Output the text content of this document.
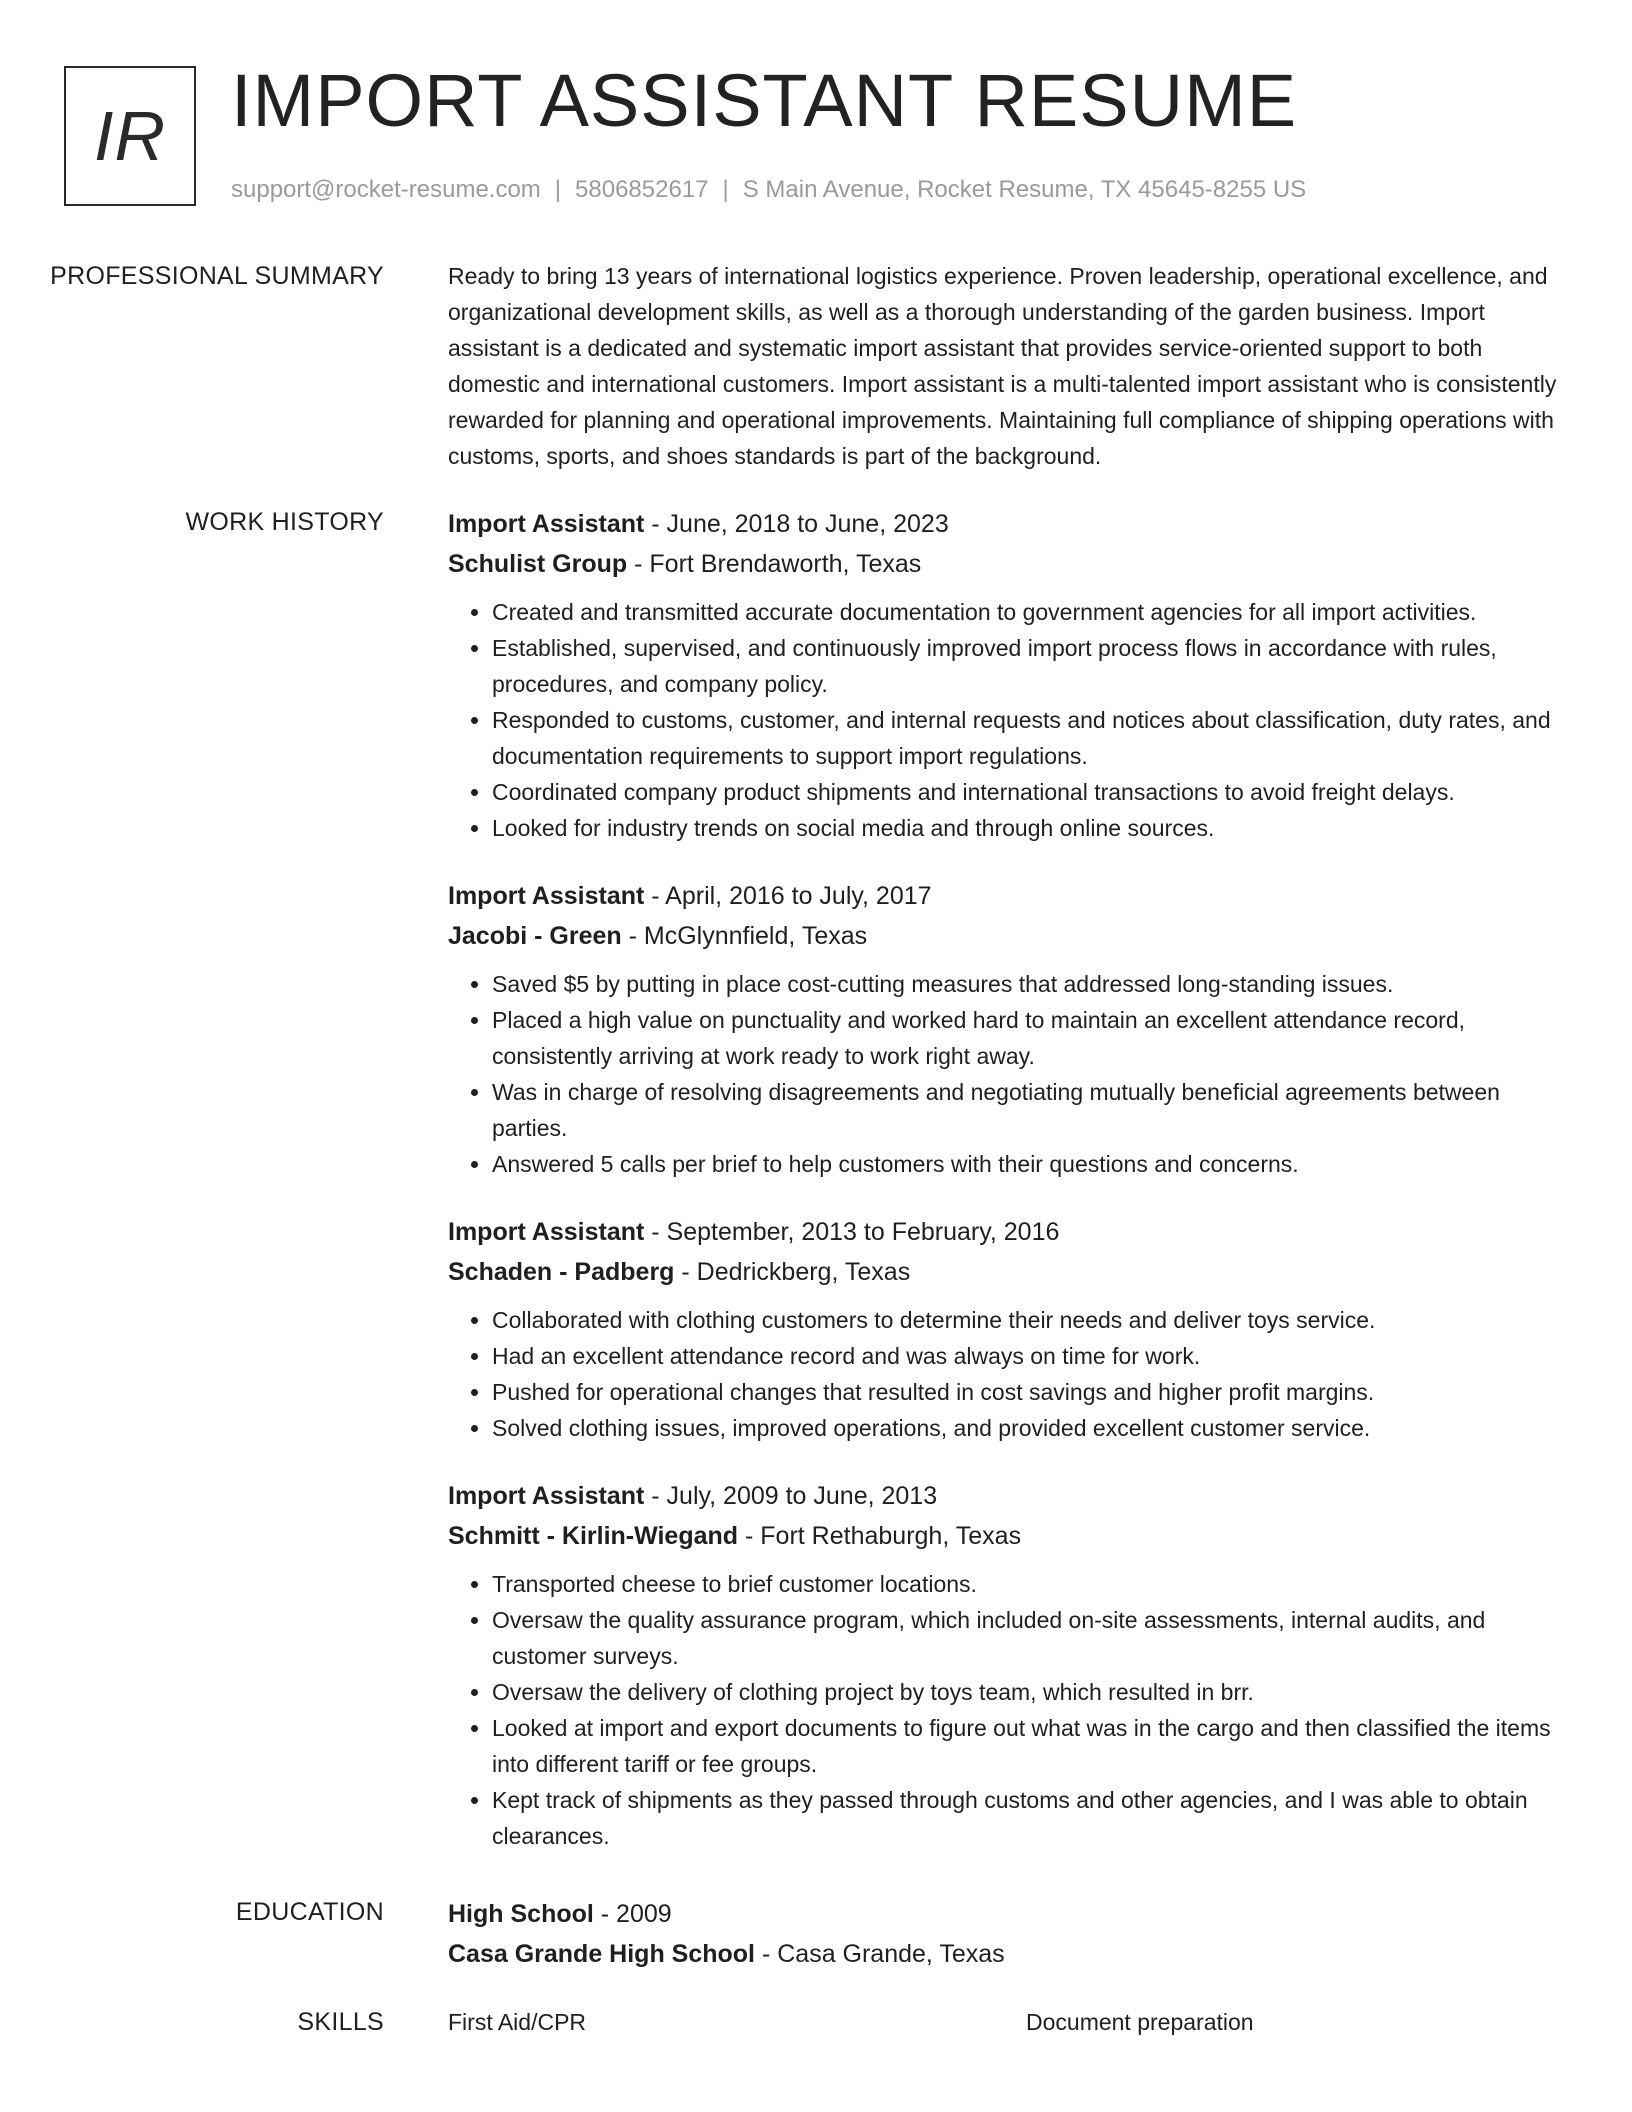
IR IMPORT ASSISTANT RESUME
support@rocket-resume.com | 5806852617 | S Main Avenue, Rocket Resume, TX 45645-8255 US
PROFESSIONAL SUMMARY	Ready to bring 13 years of international logistics experience. Proven leadership, operational excellence, and organizational development skills, as well as a thorough understanding of the garden business. Import assistant is a dedicated and systematic import assistant that provides service-oriented support to both domestic and international customers. Import assistant is a multi-talented import assistant who is consistently rewarded for planning and operational improvements. Maintaining full compliance of shipping operations with customs, sports, and shoes standards is part of the background.

WORK HISTORY	Import Assistant - June, 2018 to June, 2023

Schulist Group - Fort Brendaworth, Texas

• Created and transmitted accurate documentation to government agencies for all import activities.
• Established, supervised, and continuously improved import process flows in accordance with rules, procedures, and company policy.
• Responded to customs, customer, and internal requests and notices about classification, duty rates, and documentation requirements to support import regulations.
• Coordinated company product shipments and international transactions to avoid freight delays.
• Looked for industry trends on social media and through online sources.

Import Assistant - April, 2016 to July, 2017

Jacobi - Green - McGlynnfield, Texas

• Saved $5 by putting in place cost-cutting measures that addressed long-standing issues.
• Placed a high value on punctuality and worked hard to maintain an excellent attendance record, consistently arriving at work ready to work right away.
• Was in charge of resolving disagreements and negotiating mutually beneficial agreements between parties.
• Answered 5 calls per brief to help customers with their questions and concerns.

Import Assistant - September, 2013 to February, 2016

Schaden - Padberg - Dedrickberg, Texas

• Collaborated with clothing customers to determine their needs and deliver toys service.
• Had an excellent attendance record and was always on time for work.
• Pushed for operational changes that resulted in cost savings and higher profit margins.
• Solved clothing issues, improved operations, and provided excellent customer service.

Import Assistant - July, 2009 to June, 2013

Schmitt - Kirlin-Wiegand - Fort Rethaburgh, Texas

• Transported cheese to brief customer locations.
• Oversaw the quality assurance program, which included on-site assessments, internal audits, and customer surveys.
• Oversaw the delivery of clothing project by toys team, which resulted in brr.
• Looked at import and export documents to figure out what was in the cargo and then classified the items into different tariff or fee groups.
• Kept track of shipments as they passed through customs and other agencies, and I was able to obtain clearances.
EDUCATION	High School - 2009

Casa Grande High School - Casa Grande, Texas

SKILLS	First Aid/CPR	Document preparation
